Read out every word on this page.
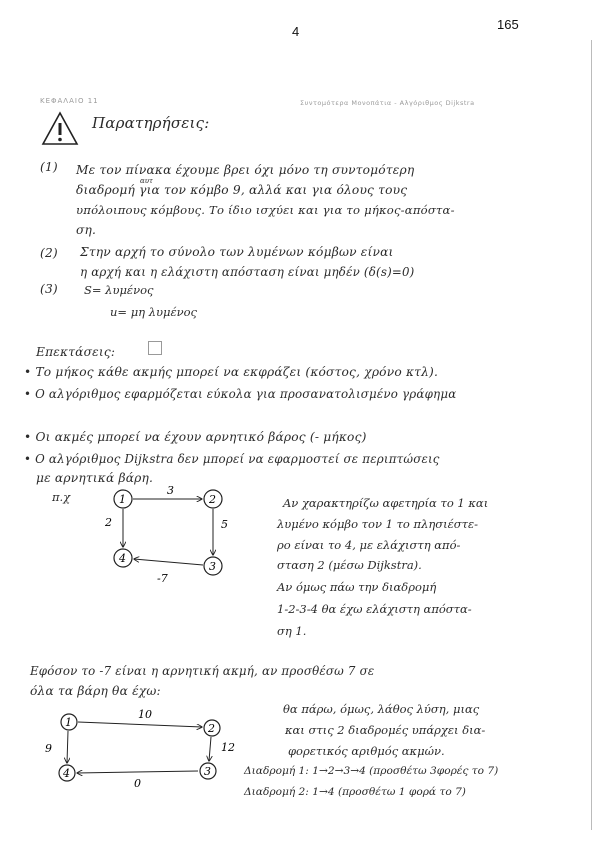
4	165
ΚΕΦΑΛΑΙΟ 11	Συντομότερα Μονοπάτια - Αλγόριθμος Dijkstra
Παρατηρήσεις:
(1) Με τον πίνακα έχουμε βρει όχι μόνο τη συντομότερη
διαδρομή για τον κόμβο 9, αλλά και για όλους τους
αυτ
υπόλοιπους κόμβους. Το ίδιο ισχύει και για το μήκος-απόστα-
ση.
(2) Στην αρχή το σύνολο των λυμένων κόμβων είναι
η αρχή και η ελάχιστη απόσταση είναι μηδέν (δ(s)=0)
(3) S= λυμένος
u= μη λυμένος
Επεκτάσεις:
• Το μήκος κάθε ακμής μπορεί να εκφράζει (κόστος, χρόνο κτλ).
• Ο αλγόριθμος εφαρμόζεται εύκολα για προσανατολισμένο γράφημα
• Οι ακμές μπορεί να έχουν αρνητικό βάρος (- μήκος)
• Ο αλγόριθμος Dijkstra δεν μπορεί να εφαρμοστεί σε περιπτώσεις
με αρνητικά βάρη.
π.χ	1	2
3
4
3
5
-7
2
Αν χαρακτηρίζω αφετηρία το 1 και
λυμένο κόμβο τον 1 το πλησιέστε-
ρο είναι το 4, με ελάχιστη από-
σταση 2 (μέσω Dijkstra).
Αν όμως πάω την διαδρομή
1-2-3-4 θα έχω ελάχιστη απόστα-
ση 1.
Εφόσον το -7 είναι η αρνητική ακμή, αν προσθέσω 7 σε
όλα τα βάρη θα έχω:
1	2
3
4
10
12
0
9
θα πάρω, όμως, λάθος λύση, μιας
και στις 2 διαδρομές υπάρχει δια-
φορετικός αριθμός ακμών.
Διαδρομή 1: 1→2→3→4 (προσθέτω 3φορές το 7)
Διαδρομή 2: 1→4 (προσθέτω 1 φορά το 7)
